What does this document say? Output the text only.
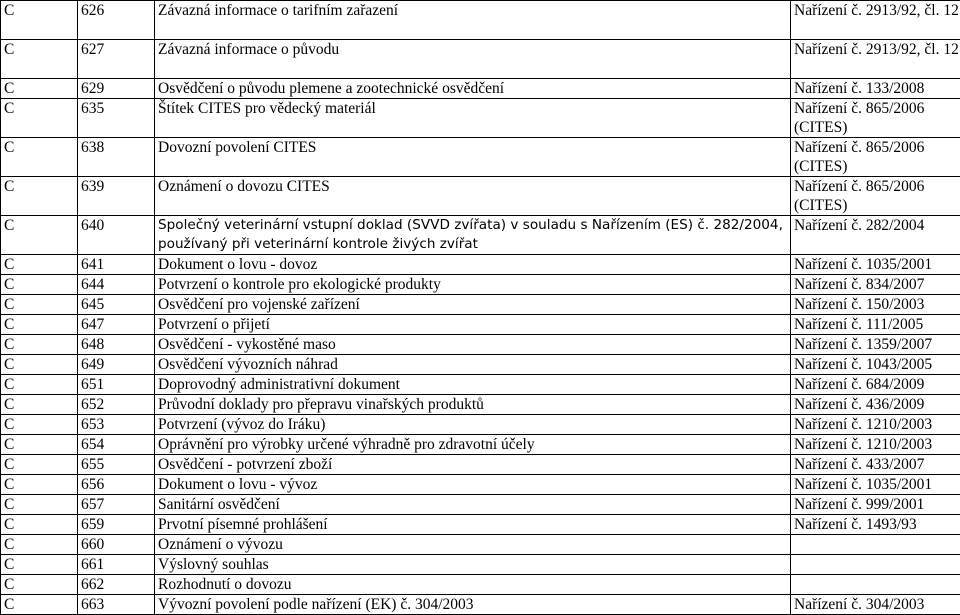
C	626	Závazná informace o tarifním zařazení	Nařízení č. 2913/92, čl. 12
C	627	Závazná informace o původu	Nařízení č. 2913/92, čl. 12
C	629	Osvědčení o původu plemene a zootechnické osvědčení	Nařízení č. 133/2008
C	635	Štítek CITES pro vědecký materiál	Nařízení č. 865/2006 (CITES)
C	638	Dovozní povolení CITES	Nařízení č. 865/2006 (CITES)
C	639	Oznámení o dovozu CITES	Nařízení č. 865/2006 (CITES)
C	640	Společný veterinární vstupní doklad (SVVD zvířata) v souladu s Nařízením (ES) č. 282/2004, používaný při veterinární kontrole živých zvířat	Nařízení č. 282/2004
C	641	Dokument o lovu - dovoz	Nařízení č. 1035/2001
C	644	Potvrzení o kontrole pro ekologické produkty	Nařízení č. 834/2007
C	645	Osvědčení pro vojenské zařízení	Nařízení č. 150/2003
C	647	Potvrzení o přijetí	Nařízení č. 111/2005
C	648	Osvědčení - vykostěné maso	Nařízení č. 1359/2007
C	649	Osvědčení vývozních náhrad	Nařízení č. 1043/2005
C	651	Doprovodný administrativní dokument	Nařízení č. 684/2009
C	652	Průvodní doklady pro přepravu vinařských produktů	Nařízení č. 436/2009
C	653	Potvrzení (vývoz do Iráku)	Nařízení č. 1210/2003
C	654	Oprávnění pro výrobky určené výhradně pro zdravotní účely	Nařízení č. 1210/2003
C	655	Osvědčení - potvrzení zboží	Nařízení č. 433/2007
C	656	Dokument o lovu - vývoz	Nařízení č. 1035/2001
C	657	Sanitární osvědčení	Nařízení č. 999/2001
C	659	Prvotní písemné prohlášení	Nařízení č. 1493/93
C	660	Oznámení o vývozu	
C	661	Výslovný souhlas	
C	662	Rozhodnutí o dovozu	
C	663	Vývozní povolení podle nařízení (EK) č. 304/2003	Nařízení č. 304/2003
